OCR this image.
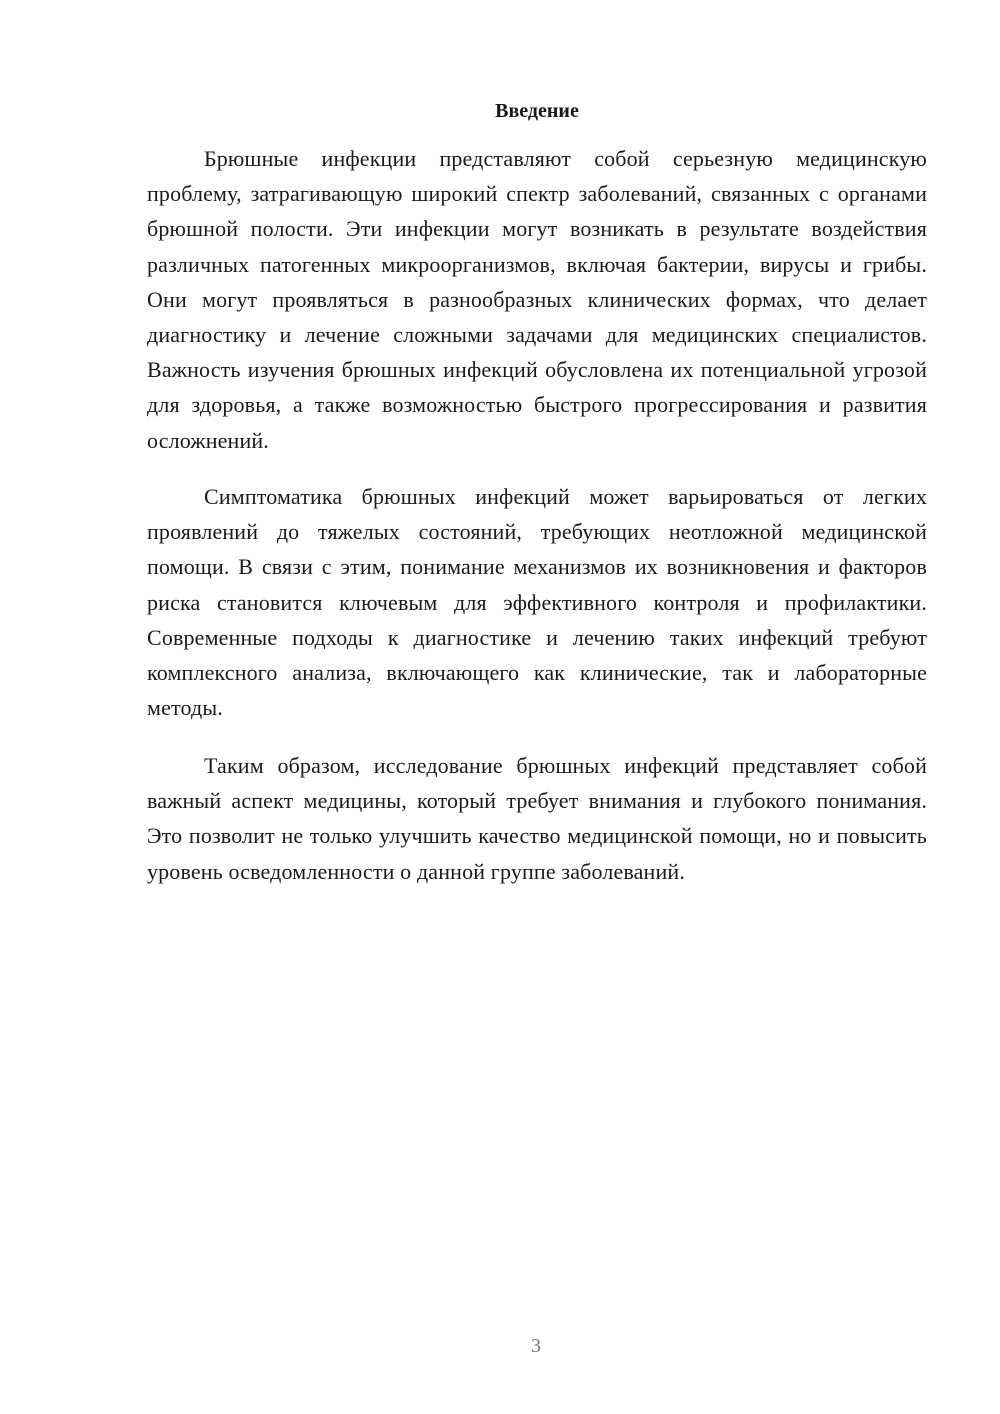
Введение

Брюшные инфекции представляют собой серьезную медицинскую проблему, затрагивающую широкий спектр заболеваний, связанных с органами брюшной полости. Эти инфекции могут возникать в результате воздействия различных патогенных микроорганизмов, включая бактерии, вирусы и грибы. Они могут проявляться в разнообразных клинических формах, что делает диагностику и лечение сложными задачами для медицинских специалистов. Важность изучения брюшных инфекций обусловлена их потенциальной угрозой для здоровья, а также возможностью быстрого прогрессирования и развития осложнений.

Симптоматика брюшных инфекций может варьироваться от легких проявлений до тяжелых состояний, требующих неотложной медицинской помощи. В связи с этим, понимание механизмов их возникновения и факторов риска становится ключевым для эффективного контроля и профилактики. Современные подходы к диагностике и лечению таких инфекций требуют комплексного анализа, включающего как клинические, так и лабораторные методы.

Таким образом, исследование брюшных инфекций представляет собой важный аспект медицины, который требует внимания и глубокого понимания. Это позволит не только улучшить качество медицинской помощи, но и повысить уровень осведомленности о данной группе заболеваний.

3
